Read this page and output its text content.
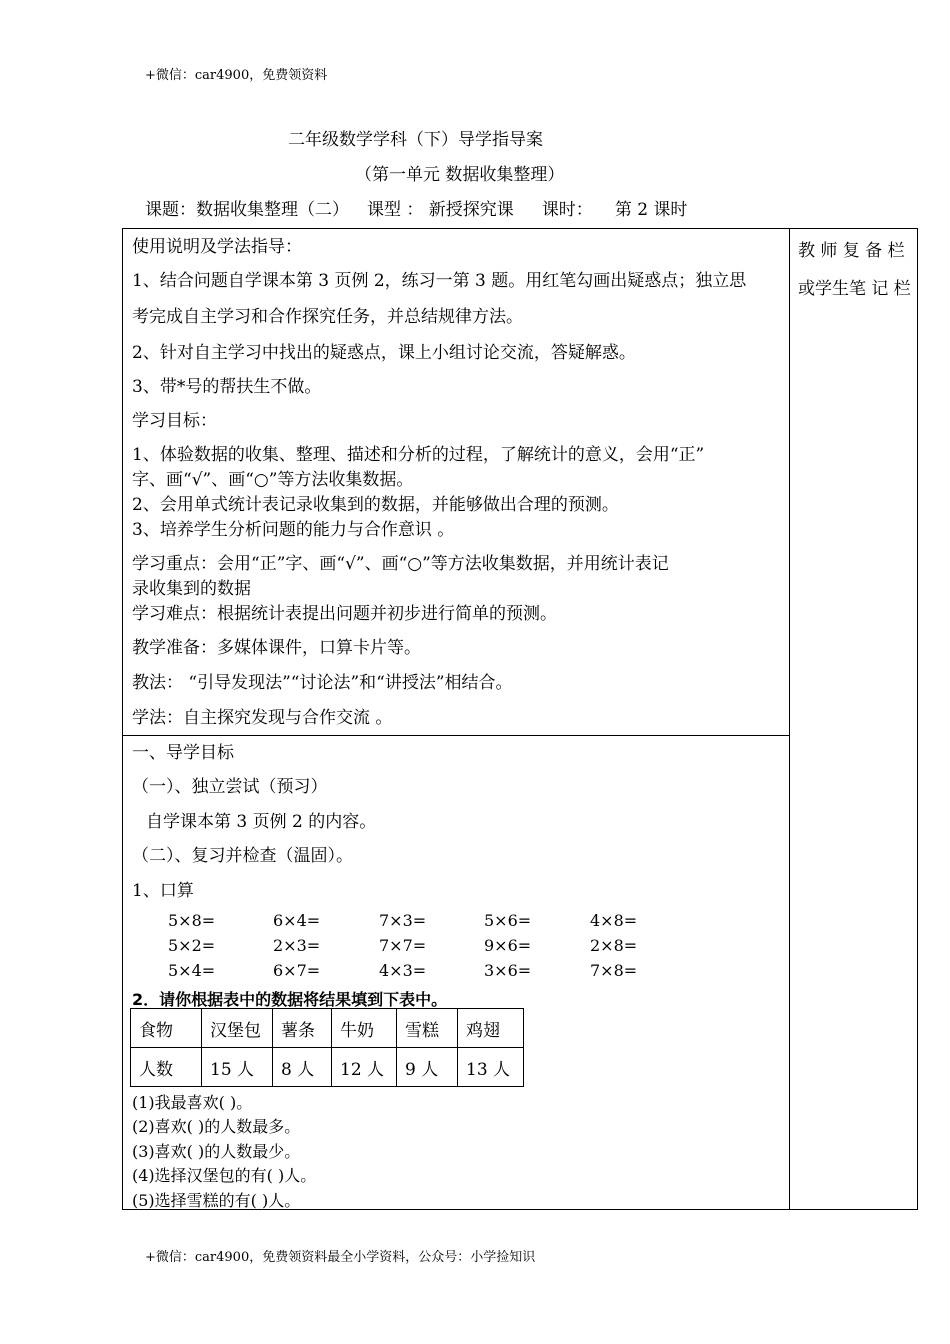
+微信：car4900，免费领资料
二年级数学学科（下）导学指导案
（第一单元 数据收集整理）
课题：数据收集整理（二） 课型 ： 新授探究课 课时： 第 2 课时
教 师 复 备 栏 或学生笔 记 栏
使用说明及学法指导：
1、结合问题自学课本第 3 页例 2，练习一第 3 题。用红笔勾画出疑惑点；独立思
考完成自主学习和合作探究任务，并总结规律方法。
2、针对自主学习中找出的疑惑点，课上小组讨论交流，答疑解惑。
3、带*号的帮扶生不做。
学习目标：
1、体验数据的收集、整理、描述和分析的过程，了解统计的意义，会用“正”
字、画“√”、画“○”等方法收集数据。
2、会用单式统计表记录收集到的数据，并能够做出合理的预测。
3、培养学生分析问题的能力与合作意识 。
学习重点：会用“正”字、画“√”、画“○”等方法收集数据，并用统计表记
录收集到的数据
学习难点：根据统计表提出问题并初步进行简单的预测。
教学准备：多媒体课件，口算卡片等。
教法： “引导发现法”“讨论法”和“讲授法”相结合。
学法：自主探究发现与合作交流 。
一、导学目标
（一）、独立尝试（预习）
自学课本第 3 页例 2 的内容。
（二）、复习并检查（温固）。
1、口算
5×8=	6×4=	7×3=	5×6=	4×8=
5×2=	2×3=	7×7=	9×6=	2×8=
5×4=	6×7=	4×3=	3×6=	7×8=
2．请你根据表中的数据将结果填到下表中。
食物	汉堡包	薯条	牛奶	雪糕	鸡翅
人数	15 人	8 人	12 人	9 人	13 人
(1)我最喜欢( )。
(2)喜欢( )的人数最多。
(3)喜欢( )的人数最少。
(4)选择汉堡包的有( )人。
(5)选择雪糕的有( )人。
+微信：car4900，免费领资料最全小学资料，公众号：小学捡知识
